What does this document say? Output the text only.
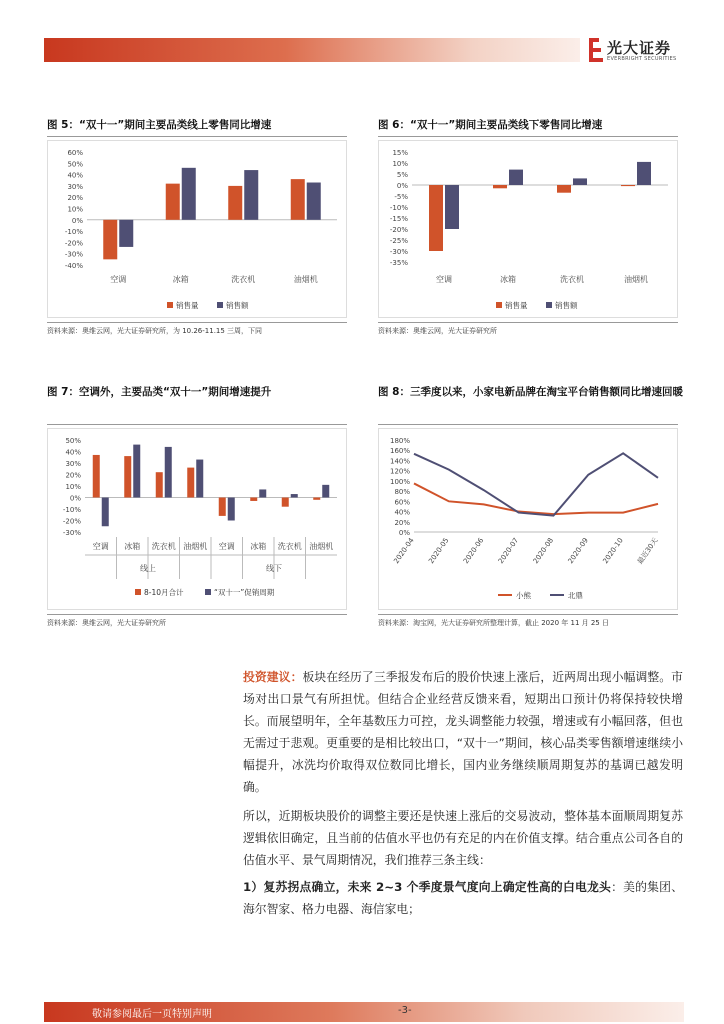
光大证券
EVERBRIGHT SECURITIES
图 5：“双十一”期间主要品类线上零售同比增速
60%
50%
40%
30%
20%
10%
0%
-10%
-20%
-30%
-40%
空调	冰箱	洗衣机	油烟机
销售量	销售额
资料来源：奥维云网，光大证券研究所，为 10.26-11.15 三周，下同
图 6：“双十一”期间主要品类线下零售同比增速
15%
10%
5%
0%
-5%
-10%
-15%
-20%
-25%
-30%
-35%
空调	冰箱	洗衣机	油烟机
销售量	销售额
资料来源：奥维云网，光大证券研究所
图 7：空调外，主要品类“双十一”期间增速提升
50%
40%
30%
20%
10%
0%
-10%
-20%
-30%
空调 冰箱 洗衣机 油烟机 空调 冰箱 洗衣机 油烟机
线上	线下
8-10月合计	“双十一”促销周期
资料来源：奥维云网，光大证券研究所
图 8：三季度以来，小家电新品牌在淘宝平台销售额同比增速回暖
180%
160%
140%
120%
100%
80%
60%
40%
20%
0%
2020-04 2020-05 2020-06 2020-07 2020-08 2020-09 2020-10 最近30天
小熊	北鼎
资料来源：淘宝网，光大证券研究所整理计算，截止 2020 年 11 月 25 日
投资建议：板块在经历了三季报发布后的股价快速上涨后，近两周出现小幅调整。市场对出口景气有所担忧。但结合企业经营反馈来看，短期出口预计仍将保持较快增长。而展望明年，全年基数压力可控，龙头调整能力较强，增速或有小幅回落，但也无需过于悲观。更重要的是相比较出口，“双十一”期间，核心品类零售额增速继续小幅提升，冰洗均价取得双位数同比增长，国内业务继续顺周期复苏的基调已越发明确。
所以，近期板块股价的调整主要还是快速上涨后的交易波动，整体基本面顺周期复苏逻辑依旧确定，且当前的估值水平也仍有充足的内在价值支撑。结合重点公司各自的估值水平、景气周期情况，我们推荐三条主线：
1）复苏拐点确立，未来 2~3 个季度景气度向上确定性高的白电龙头：美的集团、海尔智家、格力电器、海信家电；
敬请参阅最后一页特别声明	-3-
